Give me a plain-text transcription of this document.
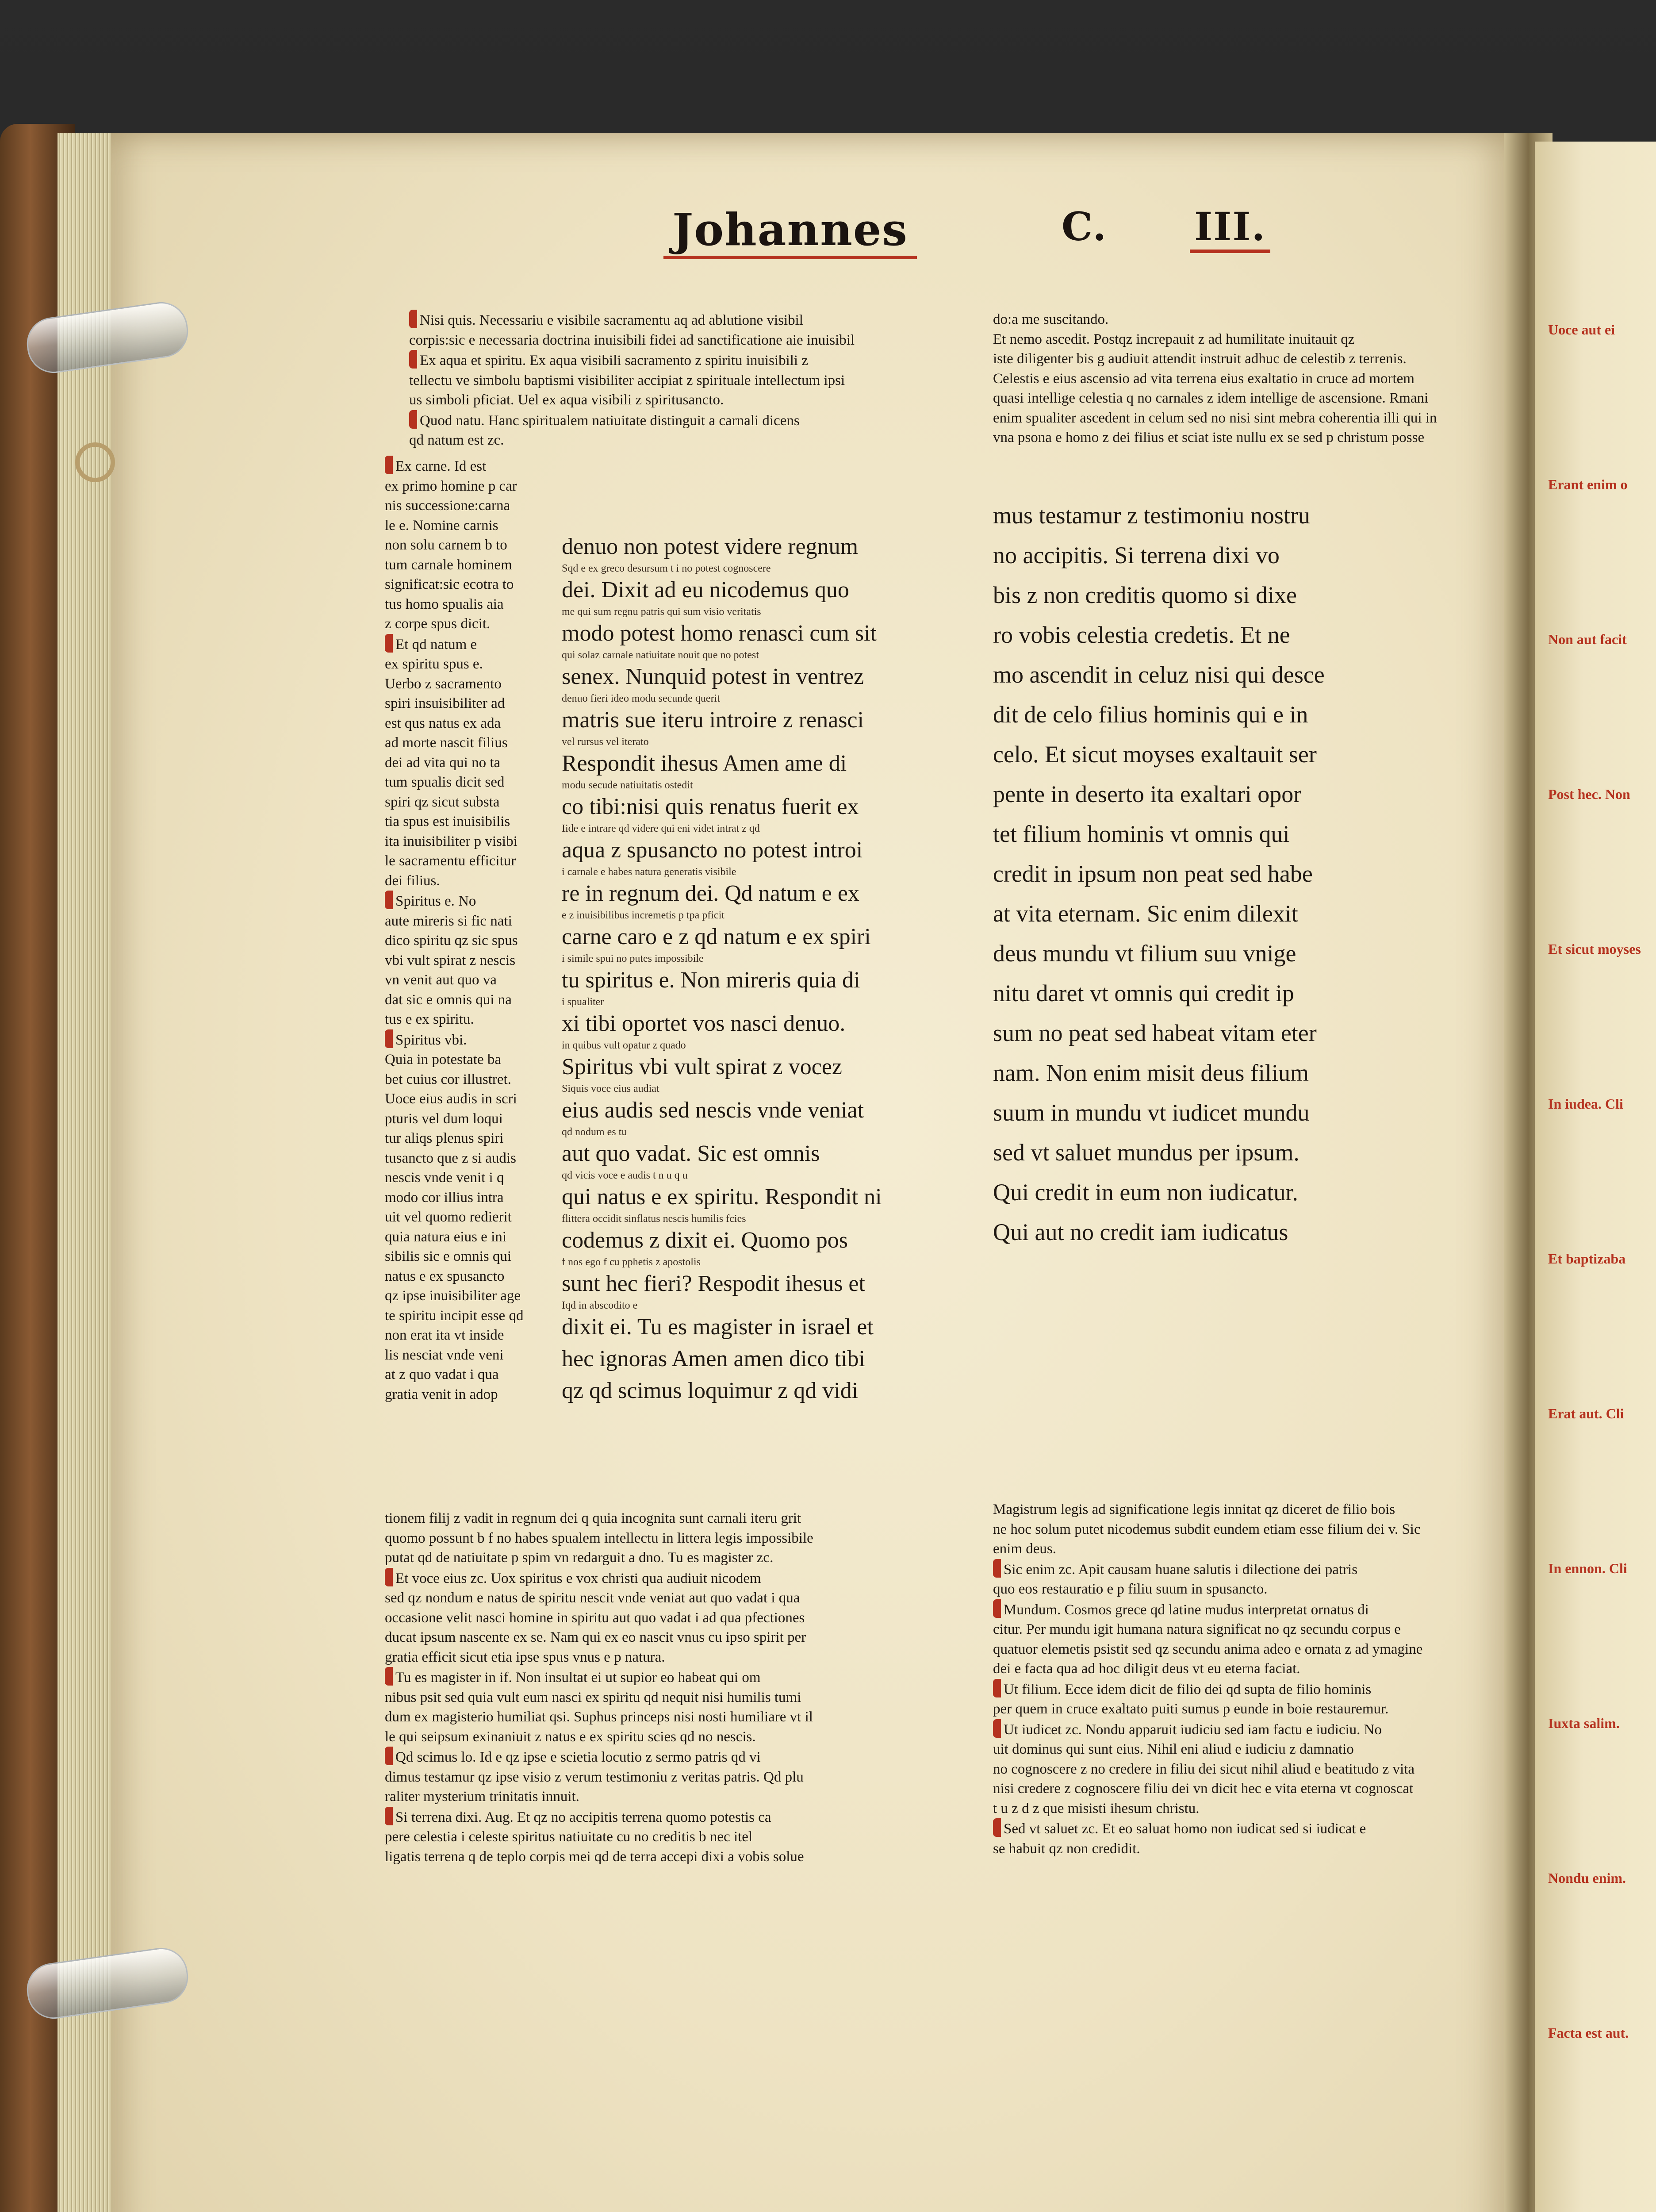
Uoce aut ei
Erant enim o
Non aut facit
Post hec. Non
Et sicut moyses
In iudea. Cli
Et baptizaba
Erat aut. Cli
In ennon. Cli
Iuxta salim.
Nondu enim.
Facta est aut.
Johannes	C. III.
Nisi quis. Necessariu e visibile sacramentu aq ad ablutione visibil

corpis:sic e necessaria doctrina inuisibili fidei ad sanctificatione aie inuisibil
Ex aqua et spiritu. Ex aqua visibili sacramento z spiritu inuisibili z

tellectu ve simbolu baptismi visibiliter accipiat z spirituale intellectum ipsi
us simboli pficiat. Uel ex aqua visibili z spiritusancto.
Quod natu. Hanc spiritualem natiuitate distinguit a carnali dicens

qd natum est zc.
Ex carne. Id est

ex primo homine p car
nis successione:carna
le e. Nomine carnis
non solu carnem b to
tum carnale hominem
significat:sic ecotra to
tus homo spualis aia
z corpe spus dicit.
Et qd natum e

ex spiritu spus e.
Uerbo z sacramento
spiri insuisibiliter ad
est qus natus ex ada
ad morte nascit filius
dei ad vita qui no ta
tum spualis dicit sed
spiri qz sicut substa
tia spus est inuisibilis
ita inuisibiliter p visibi
le sacramentu efficitur
dei filius.
Spiritus e. No

aute mireris si fic nati
dico spiritu qz sic spus
vbi vult spirat z nescis
vn venit aut quo va
dat sic e omnis qui na
tus e ex spiritu.
Spiritus vbi.

Quia in potestate ba
bet cuius cor illustret.
Uoce eius audis in scri
pturis vel dum loqui
tur aliqs plenus spiri
tusancto que z si audis
nescis vnde venit i q
modo cor illius intra
uit vel quomo redierit
quia natura eius e ini
sibilis sic e omnis qui
natus e ex spusancto
qz ipse inuisibiliter age
te spiritu incipit esse qd
non erat ita vt inside
lis nesciat vnde veni
at z quo vadat i qua
gratia venit in adop
tionem filij z vadit in regnum dei q quia incognita sunt carnali iteru grit
quomo possunt b f no habes spualem intellectu in littera legis impossibile
putat qd de natiuitate p spim vn redarguit a dno. Tu es magister zc.
Et voce eius zc. Uox spiritus e vox christi qua audiuit nicodem

sed qz nondum e natus de spiritu nescit vnde veniat aut quo vadat i qua
occasione velit nasci homine in spiritu aut quo vadat i ad qua pfectiones
ducat ipsum nascente ex se. Nam qui ex eo nascit vnus cu ipso spirit per
gratia efficit sicut etia ipse spus vnus e p natura.
Tu es magister in if. Non insultat ei ut supior eo habeat qui om

nibus psit sed quia vult eum nasci ex spiritu qd nequit nisi humilis tumi
dum ex magisterio humiliat qsi. Suphus princeps nisi nosti humiliare vt il
le qui seipsum exinaniuit z natus e ex spiritu scies qd no nescis.
Qd scimus lo. Id e qz ipse e scietia locutio z sermo patris qd vi

dimus testamur qz ipse visio z verum testimoniu z veritas patris. Qd plu
raliter mysterium trinitatis innuit.
Si terrena dixi. Aug. Et qz no accipitis terrena quomo potestis ca

pere celestia i celeste spiritus natiuitate cu no creditis b nec itel
ligatis terrena q de teplo corpis mei qd de terra accepi dixi a vobis solue
denuo non potest videre regnum
Sqd e ex greco desursum t i no potest cognoscere
dei. Dixit ad eu nicodemus quo
me qui sum regnu patris qui sum visio veritatis
modo potest homo renasci cum sit
qui solaz carnale natiuitate nouit que no potest
senex. Nunquid potest in ventrez
denuo fieri ideo modu secunde querit
matris sue iteru introire z renasci
vel rursus vel iterato
Respondit ihesus Amen ame di
modu secude natiuitatis ostedit
co tibi:nisi quis renatus fuerit ex
Iide e intrare qd videre qui eni videt intrat z qd
aqua z spusancto no potest introi
i carnale e habes natura generatis visibile
re in regnum dei. Qd natum e ex
e z inuisibilibus incremetis p tpa pficit
carne caro e z qd natum e ex spiri
i simile spui no putes impossibile
tu spiritus e. Non mireris quia di
i spualiter
xi tibi oportet vos nasci denuo.
in quibus vult opatur z quado
Spiritus vbi vult spirat z vocez
Siquis voce eius audiat
eius audis sed nescis vnde veniat
qd nodum es tu
aut quo vadat. Sic est omnis
qd vicis voce e audis t n u q u
qui natus e ex spiritu. Respondit ni
flittera occidit sinflatus nescis humilis fcies
codemus z dixit ei. Quomo pos
f nos ego f cu pphetis z apostolis
sunt hec fieri? Respodit ihesus et
Iqd in abscodito e
dixit ei. Tu es magister in israel et
hec ignoras Amen amen dico tibi
qz qd scimus loquimur z qd vidi
do:a me suscitando.
Et nemo ascedit. Postqz increpauit z ad humilitate inuitauit qz
iste diligenter bis g audiuit attendit instruit adhuc de celestib z terrenis.
Celestis e eius ascensio ad vita terrena eius exaltatio in cruce ad mortem
quasi intellige celestia q no carnales z idem intellige de ascensione. Rmani
enim spualiter ascedent in celum sed no nisi sint mebra coherentia illi qui in
vna psona e homo z dei filius et sciat iste nullu ex se sed p christum posse
mus testamur z testimoniu nostru
no accipitis. Si terrena dixi vo
bis z non creditis quomo si dixe
ro vobis celestia credetis. Et ne
mo ascendit in celuz nisi qui desce
dit de celo filius hominis qui e in
celo. Et sicut moyses exaltauit ser
pente in deserto ita exaltari opor
tet filium hominis vt omnis qui
credit in ipsum non peat sed habe
at vita eternam. Sic enim dilexit
deus mundu vt filium suu vnige
nitu daret vt omnis qui credit ip
sum no peat sed habeat vitam eter
nam. Non enim misit deus filium
suum in mundu vt iudicet mundu
sed vt saluet mundus per ipsum.
Qui credit in eum non iudicatur.
Qui aut no credit iam iudicatus
Magistrum legis ad significatione legis innitat qz diceret de filio bois
ne hoc solum putet nicodemus subdit eundem etiam esse filium dei v. Sic
enim deus.
Sic enim zc. Apit causam huane salutis i dilectione dei patris

quo eos restauratio e p filiu suum in spusancto.
Mundum. Cosmos grece qd latine mudus interpretat ornatus di

citur. Per mundu igit humana natura significat no qz secundu corpus e
quatuor elemetis psistit sed qz secundu anima adeo e ornata z ad ymagine
dei e facta qua ad hoc diligit deus vt eu eterna faciat.
Ut filium. Ecce idem dicit de filio dei qd supta de filio hominis

per quem in cruce exaltato puiti sumus p eunde in boie restauremur.
Ut iudicet zc. Nondu apparuit iudiciu sed iam factu e iudiciu. No

uit dominus qui sunt eius. Nihil eni aliud e iudiciu z damnatio
no cognoscere z no credere in filiu dei sicut nihil aliud e beatitudo z vita
nisi credere z cognoscere filiu dei vn dicit hec e vita eterna vt cognoscat
t u z d z que misisti ihesum christu.
Sed vt saluet zc. Et eo saluat homo non iudicat sed si iudicat e

se habuit qz non credidit.
